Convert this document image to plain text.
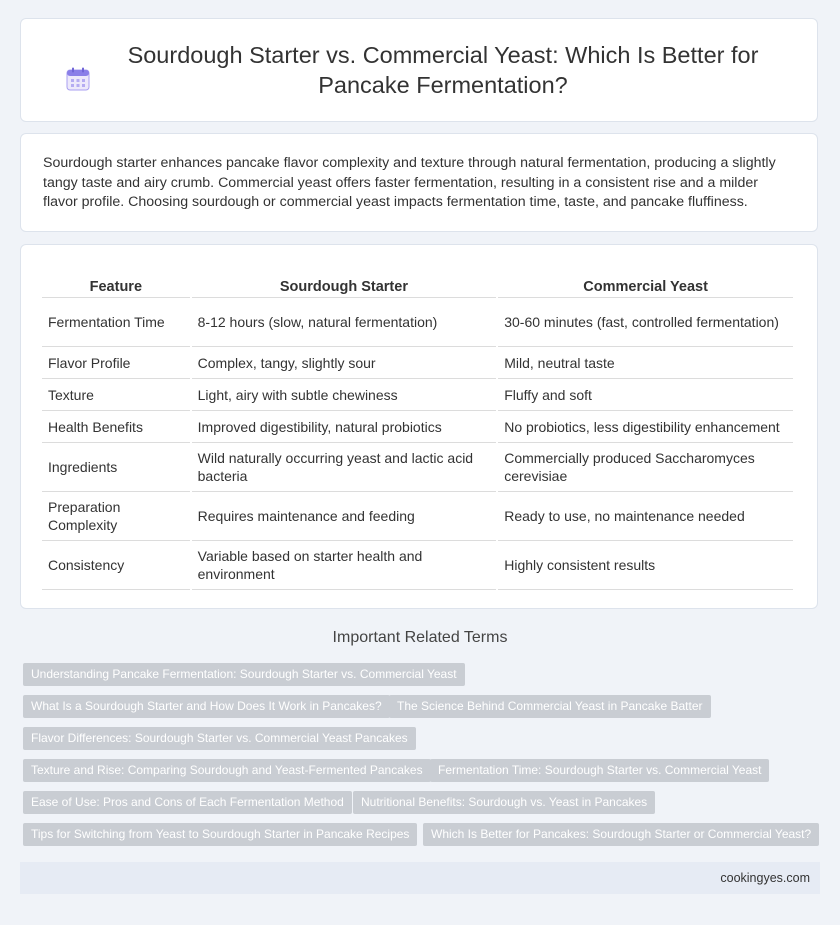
Sourdough Starter vs. Commercial Yeast: Which Is Better for Pancake Fermentation?

Sourdough starter enhances pancake flavor complexity and texture through natural fermentation, producing a slightly tangy taste and airy crumb. Commercial yeast offers faster fermentation, resulting in a consistent rise and a milder flavor profile. Choosing sourdough or commercial yeast impacts fermentation time, taste, and pancake fluffiness.

Feature	Sourdough Starter	Commercial Yeast
Fermentation Time	8-12 hours (slow, natural fermentation)	30-60 minutes (fast, controlled fermentation)
Flavor Profile	Complex, tangy, slightly sour	Mild, neutral taste
Texture	Light, airy with subtle chewiness	Fluffy and soft
Health Benefits	Improved digestibility, natural probiotics	No probiotics, less digestibility enhancement
Ingredients	Wild naturally occurring yeast and lactic acid bacteria	Commercially produced Saccharomyces cerevisiae
Preparation Complexity	Requires maintenance and feeding	Ready to use, no maintenance needed
Consistency	Variable based on starter health and environment	Highly consistent results
Important Related Terms
Understanding Pancake Fermentation: Sourdough Starter vs. Commercial Yeast
What Is a Sourdough Starter and How Does It Work in Pancakes?	The Science Behind Commercial Yeast in Pancake Batter
Flavor Differences: Sourdough Starter vs. Commercial Yeast Pancakes
Texture and Rise: Comparing Sourdough and Yeast-Fermented Pancakes	Fermentation Time: Sourdough Starter vs. Commercial Yeast
Ease of Use: Pros and Cons of Each Fermentation Method	Nutritional Benefits: Sourdough vs. Yeast in Pancakes
Tips for Switching from Yeast to Sourdough Starter in Pancake Recipes	Which Is Better for Pancakes: Sourdough Starter or Commercial Yeast?
cookingyes.com
